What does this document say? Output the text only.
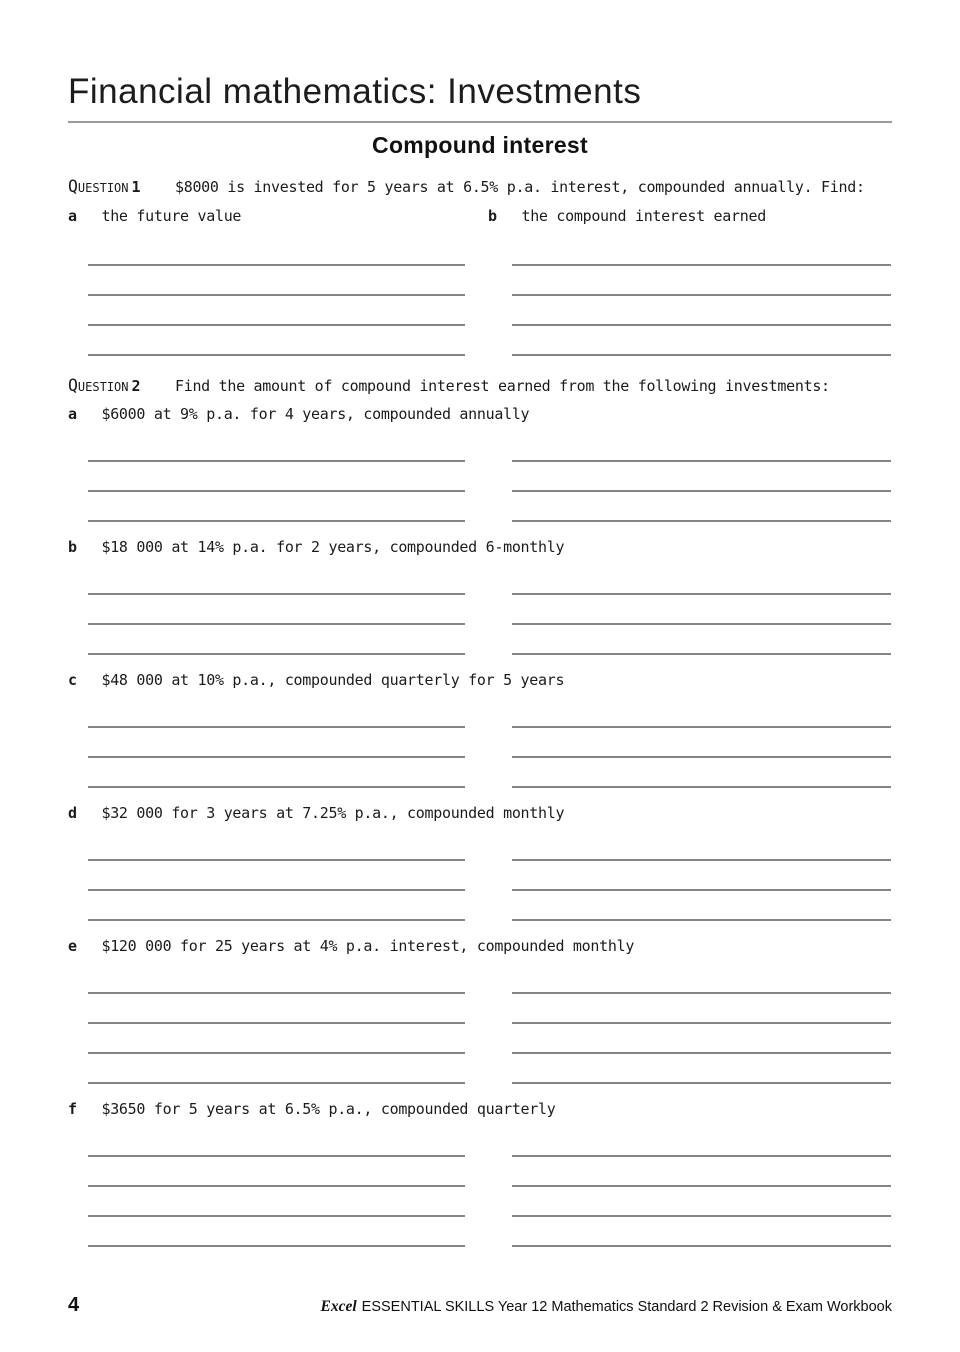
Financial mathematics: Investments
Compound interest
Question 1 $8000 is invested for 5 years at 6.5% p.a. interest, compounded annually. Find:
a the future value	b the compound interest earned
Question 2 Find the amount of compound interest earned from the following investments:
a $6000 at 9% p.a. for 4 years, compounded annually
b $18 000 at 14% p.a. for 2 years, compounded 6-monthly
c $48 000 at 10% p.a., compounded quarterly for 5 years
d $32 000 for 3 years at 7.25% p.a., compounded monthly
e $120 000 for 25 years at 4% p.a. interest, compounded monthly
f $3650 for 5 years at 6.5% p.a., compounded quarterly
4	Excel ESSENTIAL SKILLS Year 12 Mathematics Standard 2 Revision & Exam Workbook
